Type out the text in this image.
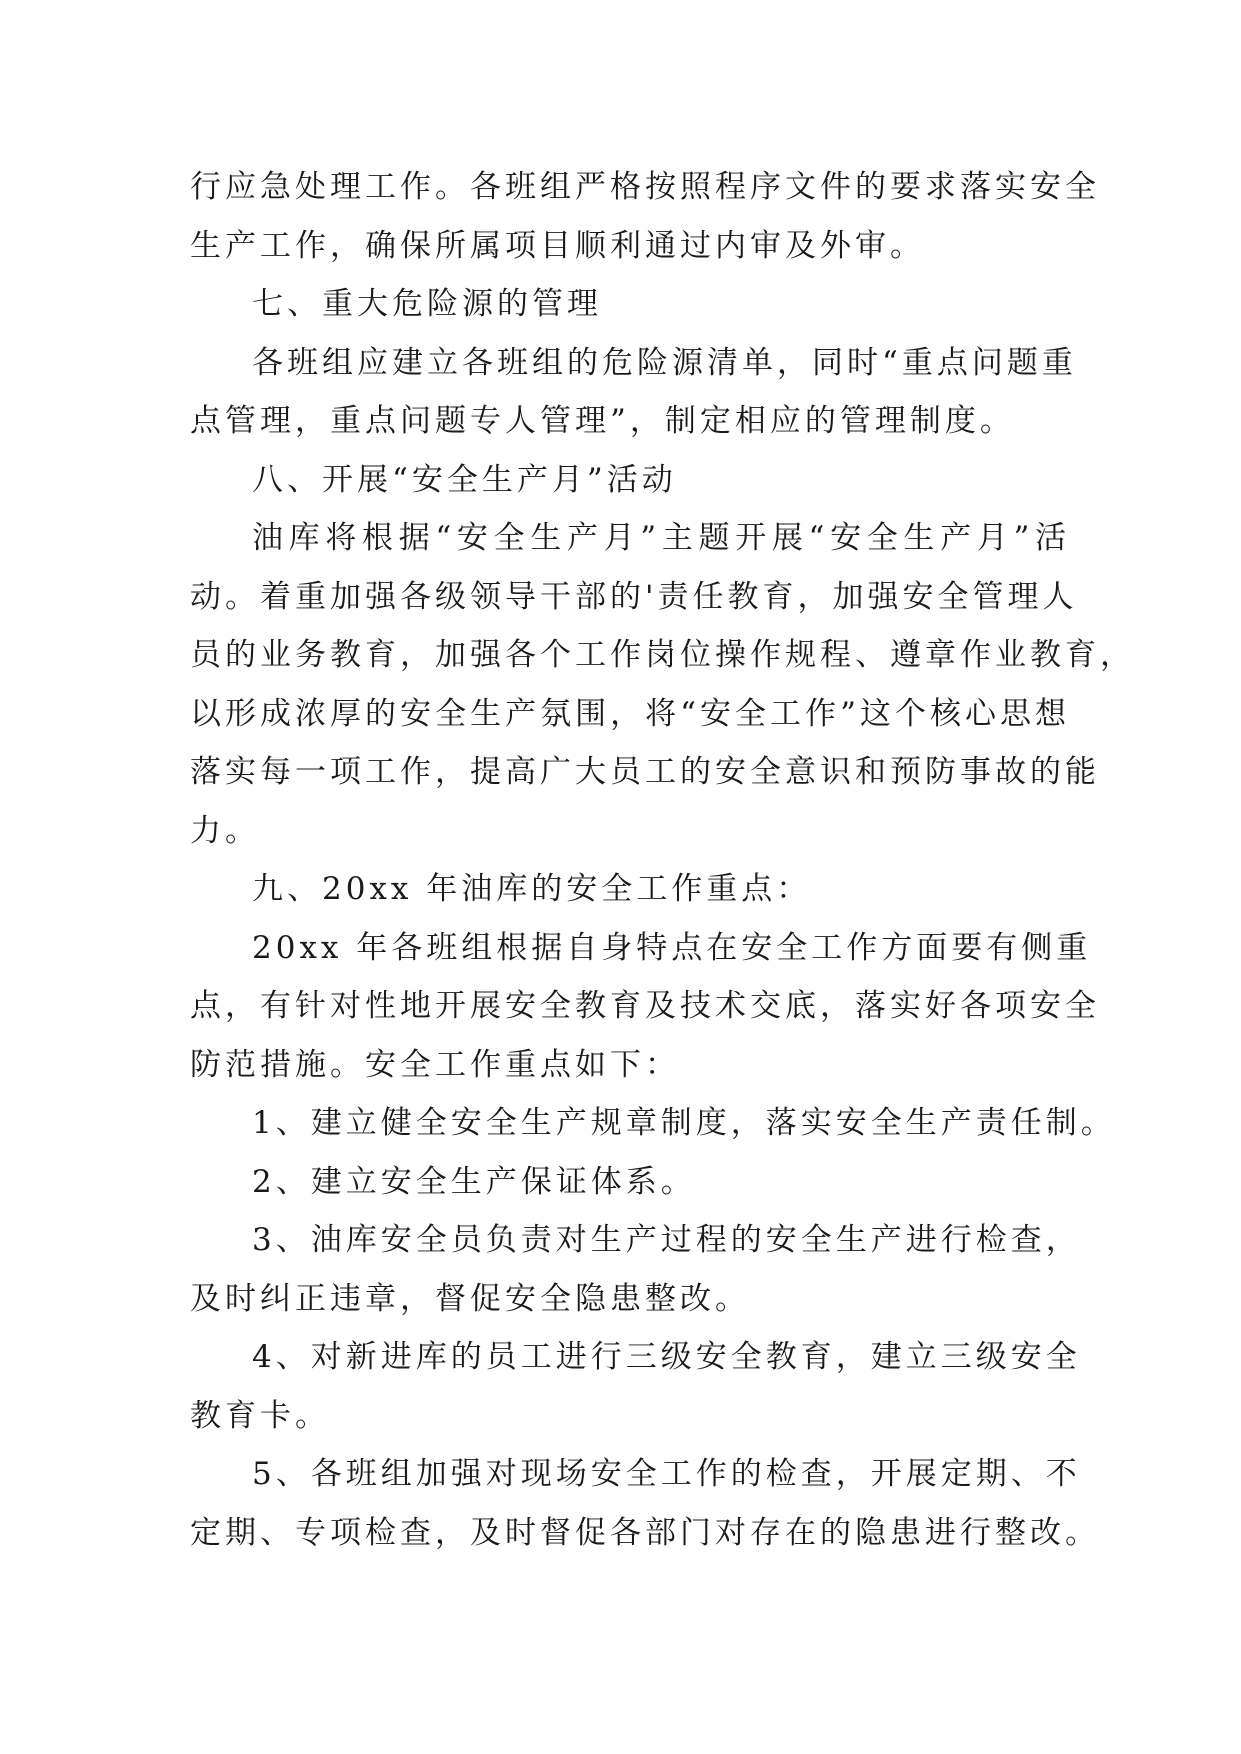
行应急处理工作。各班组严格按照程序文件的要求落实安全
生产工作，确保所属项目顺利通过内审及外审。
七、重大危险源的管理
各班组应建立各班组的危险源清单，同时“重点问题重
点管理，重点问题专人管理”，制定相应的管理制度。
八、开展“安全生产月”活动
油库将根据“安全生产月”主题开展“安全生产月”活
动。着重加强各级领导干部的'责任教育，加强安全管理人
员的业务教育，加强各个工作岗位操作规程、遵章作业教育，
以形成浓厚的安全生产氛围，将“安全工作”这个核心思想
落实每一项工作，提高广大员工的安全意识和预防事故的能
力。
九、20xx 年油库的安全工作重点：
20xx 年各班组根据自身特点在安全工作方面要有侧重
点，有针对性地开展安全教育及技术交底，落实好各项安全
防范措施。安全工作重点如下：
1、建立健全安全生产规章制度，落实安全生产责任制。
2、建立安全生产保证体系。
3、油库安全员负责对生产过程的安全生产进行检查，
及时纠正违章，督促安全隐患整改。
4、对新进库的员工进行三级安全教育，建立三级安全
教育卡。
5、各班组加强对现场安全工作的检查，开展定期、不
定期、专项检查，及时督促各部门对存在的隐患进行整改。
